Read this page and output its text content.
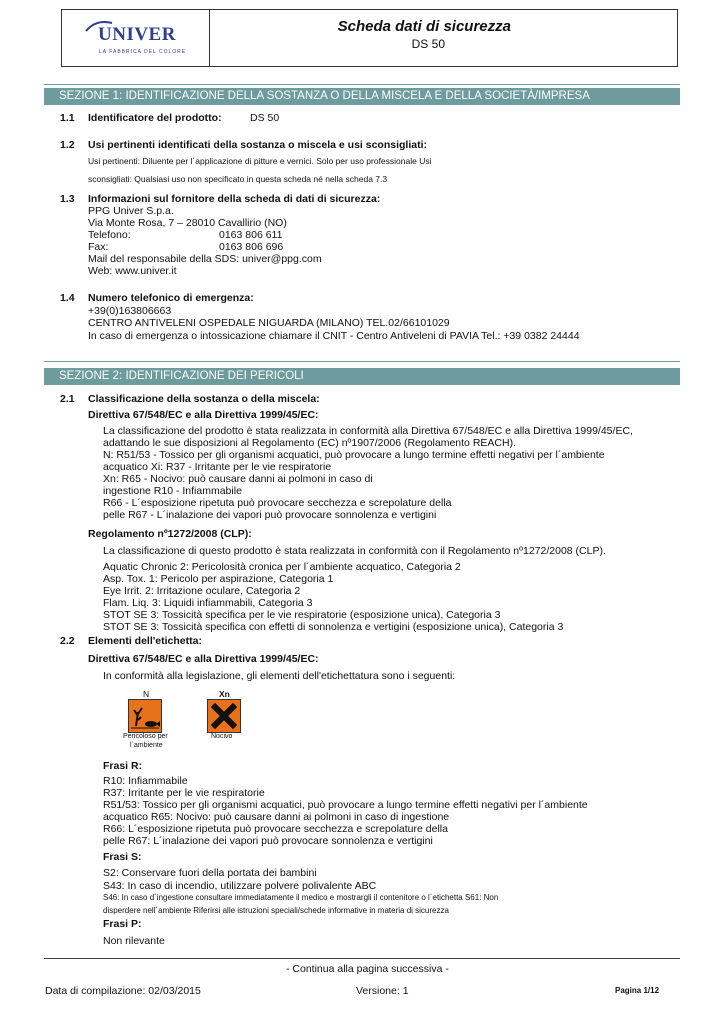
UNIVER
LA FABBRICA DEL COLORE
Scheda dati di sicurezza
DS 50
SEZIONE 1: IDENTIFICAZIONE DELLA SOSTANZA O DELLA MISCELA E DELLA SOCIETÀ/IMPRESA
1.1 Identificatore del prodotto:	DS 50
1.2 Usi pertinenti identificati della sostanza o miscela e usi sconsigliati:
Usi pertinenti: Diluente per l´applicazione di pitture e vernici. Solo per uso professionale Usi
sconsigliati: Qualsiasi uso non specificato in questa scheda né nella scheda 7.3
1.3 Informazioni sul fornitore della scheda di dati di sicurezza:
PPG Univer S.p.a.
Via Monte Rosa, 7 – 28010 Cavallirio (NO)
Telefono:	0163 806 611
Fax:	0163 806 696
Mail del responsabile della SDS: univer@ppg.com
Web: www.univer.it
1.4 Numero telefonico di emergenza:
+39(0)163806663
CENTRO ANTIVELENI OSPEDALE NIGUARDA (MILANO) TEL.02/66101029
In caso di emergenza o intossicazione chiamare il CNIT - Centro Antiveleni di PAVIA Tel.: +39 0382 24444
SEZIONE 2: IDENTIFICAZIONE DEI PERICOLI
2.1 Classificazione della sostanza o della miscela:
Direttiva 67/548/EC e alla Direttiva 1999/45/EC:
La classificazione del prodotto è stata realizzata in conformità alla Direttiva 67/548/EC e alla Direttiva 1999/45/EC,
adattando le sue disposizioni al Regolamento (EC) nº1907/2006 (Regolamento REACH).
N: R51/53 - Tossico per gli organismi acquatici, può provocare a lungo termine effetti negativi per l´ambiente
acquatico Xi: R37 - Irritante per le vie respiratorie
Xn: R65 - Nocivo: può causare danni ai polmoni in caso di
ingestione R10 - Infiammabile
R66 - L´esposizione ripetuta può provocare secchezza e screpolature della
pelle R67 - L´inalazione dei vapori può provocare sonnolenza e vertigini
Regolamento nº1272/2008 (CLP):
La classificazione di questo prodotto è stata realizzata in conformità con il Regolamento nº1272/2008 (CLP).
Aquatic Chronic 2: Pericolosità cronica per l´ambiente acquatico, Categoria 2
Asp. Tox. 1: Pericolo per aspirazione, Categoria 1
Eye Irrit. 2: Irritazione oculare, Categoria 2
Flam. Liq. 3: Liquidi infiammabili, Categoria 3
STOT SE 3: Tossicità specifica per le vie respiratorie (esposizione unica), Categoria 3
STOT SE 3: Tossicità specifica con effetti di sonnolenza e vertigini (esposizione unica), Categoria 3
2.2 Elementi dell'etichetta:
Direttiva 67/548/EC e alla Direttiva 1999/45/EC:
In conformità alla legislazione, gli elementi dell'etichettatura sono i seguenti:
N
Pericoloso per
l´ambiente
Xn
Nocivo
Frasi R:
R10: Infiammabile
R37: Irritante per le vie respiratorie
R51/53: Tossico per gli organismi acquatici, può provocare a lungo termine effetti negativi per l´ambiente
acquatico R65: Nocivo: può causare danni ai polmoni in caso di ingestione
R66: L´esposizione ripetuta può provocare secchezza e screpolature della
pelle R67: L´inalazione dei vapori può provocare sonnolenza e vertigini
Frasi S:
S2: Conservare fuori della portata dei bambini
S43: In caso di incendio, utilizzare polvere polivalente ABC
S46: In caso d´ingestione consultare immediatamente il medico e mostrargli il contenitore o l´etichetta S61: Non
disperdere nell´ambiente Riferirsi alle istruzioni speciali/schede informative in materia di sicurezza
Frasi P:
Non rilevante
- Continua alla pagina successiva -
Data di compilazione: 02/03/2015	Versione: 1	Pagina 1/12
